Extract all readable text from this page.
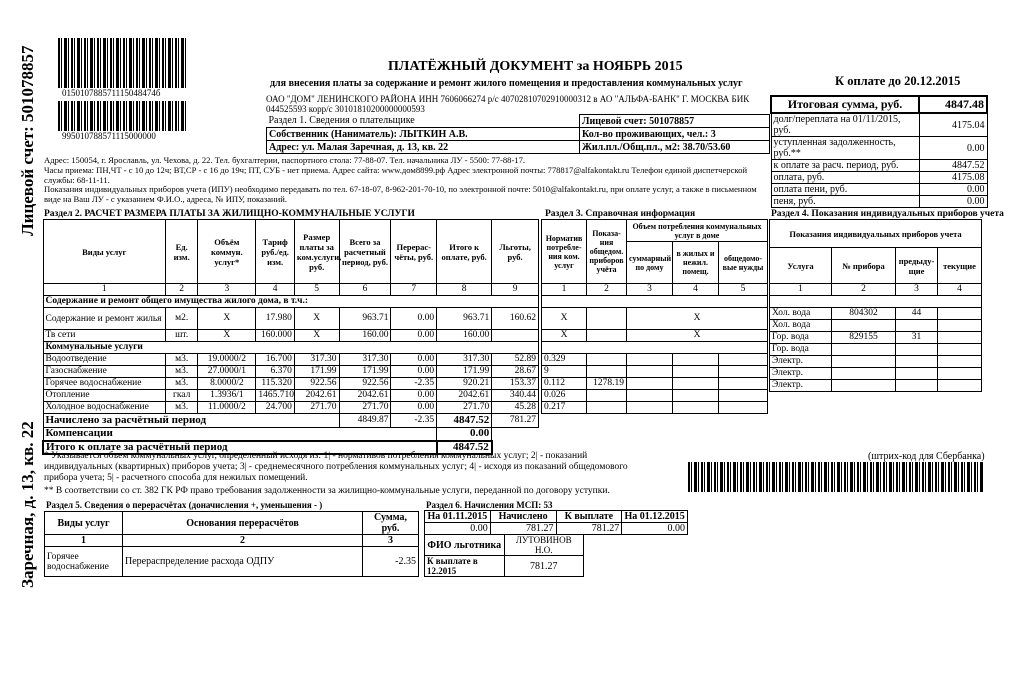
Лицевой счет: 501078857
Заречная, д. 13, кв. 22
015010788571115048474б
995010788571115000000
ПЛАТЁЖНЫЙ ДОКУМЕНТ за НОЯБРЬ 2015
для внесения платы за содержание и ремонт жилого помещения и предоставления коммунальных услуг	К оплате до 20.12.2015
ОАО "ДОМ" ЛЕНИНСКОГО РАЙОНА ИНН 7606066274 р/с 40702810702910000312 в АО "АЛЬФА-БАНК" Г. МОСКВА БИК
044525593 корр/с 30101810200000000593
Раздел 1. Сведения о плательщике	Лицевой счет: 501078857
Собственник (Наниматель): ЛЫТКИН А.В.	Кол-во проживающих, чел.: 3
Адрес: ул. Малая Заречная, д. 13, кв. 22	Жил.пл./Общ.пл., м2: 38.70/53.60
Итоговая сумма, руб.	4847.48
долг/переплата на 01/11/2015, руб.	4175.04
уступленная задолженность, руб.**	0.00
к оплате за расч. период, руб.	4847.52
оплата, руб.	4175.08
оплата пени, руб.	0.00
пеня, руб.	0.00
Адрес: 150054, г. Ярославль, ул. Чехова, д. 22. Тел. бухгалтерии, паспортного стола: 77-88-07. Тел. начальника ЛУ - 5500: 77-88-17.
Часы приема: ПН,ЧТ - с 10 до 12ч; ВТ,СР - с 16 до 19ч; ПТ, СУБ - нет приема. Адрес сайта: www.дом8899.рф Адрес электронной почты: 778817@alfakontakt.ru Телефон единой диспетчерской
службы: 68-11-11.
Показания индивидуальных приборов учета (ИПУ) необходимо передавать по тел. 67-18-07, 8-962-201-70-10, по электронной почте: 5010@alfakontakt.ru, при оплате услуг, а также в письменном
виде на Ваш ЛУ - с указанием Ф.И.О., адреса, № ИПУ, показаний.
Раздел 2. РАСЧЕТ РАЗМЕРА ПЛАТЫ ЗА ЖИЛИЩНО-КОММУНАЛЬНЫЕ УСЛУГИ
Виды услуг	Ед. изм.	Объём коммун. услуг*	Тариф руб./ед. изм.	Размер платы за ком.услуги, руб.	Всего за расчетный период, руб.	Перерас-чёты, руб.	Итого к оплате, руб.	Льготы, руб.
1	2	3	4	5	6	7	8	9
Содержание и ремонт общего имущества жилого дома, в т.ч.:								
Содержание и ремонт жилья	м2.	X	17.980	X	963.71	0.00	963.71	160.62
Тв сети	шт.	X	160.000	X	160.00	0.00	160.00	
Коммунальные услуги								
Водоотведение	м3.	19.0000/2	16.700	317.30	317.30	0.00	317.30	52.89
Газоснабжение	м3.	27.0000/1	6.370	171.99	171.99	0.00	171.99	28.67
Горячее водоснабжение	м3.	8.0000/2	115.320	922.56	922.56	-2.35	920.21	153.37
Отопление	гкал	1.3936/1	1465.710	2042.61	2042.61	0.00	2042.61	340.44
Холодное водоснабжение	м3.	11.0000/2	24.700	271.70	271.70	0.00	271.70	45.28
Начислено за расчётный период					4849.87	-2.35	4847.52	781.27
Компенсации							0.00	
Итого к оплате за расчётный период							4847.52	
Раздел 3. Справочная информация
Норматив потребле-ния ком. услуг	Показа-ния общедом. приборов учёта	Объем потребления коммунальных услуг в доме		
		суммарный по дому	в жилых и нежил. помещ.	общедомо-вые нужды
1	2	3	4	5

X		X		
X		X		

0.329				
9				
0.112	1278.19			
0.026				
0.217				
Раздел 4. Показания индивидуальных приборов учета
Показания индивидуальных приборов учета			
Услуга	№ прибора	предыду-щие	текущие
1	2	3	4

Хол. вода	804302	44	
Хол. вода			
Гор. вода	829155	31	
Гор. вода			
Электр.			
Электр.			
Электр.			
* Указывается объем коммунальных услуг, определенный исходя из: 1| - нормативов потребления коммунальных услуг; 2| - показаний
индивидуальных (квартирных) приборов учета; 3| - среднемесячного потребления коммунальных услуг; 4| - исходя из показаний общедомового
прибора учета; 5| - расчетного способа для нежилых помещений.
** В соответствии со ст. 382 ГК РФ право требования задолженности за жилищно-коммунальные услуги, переданной по договору уступки.
(штрих-код для Сбербанка)
Раздел 5. Сведения о перерасчётах (доначисления +, уменьшения - )
Виды услуг	Основания перерасчётов	Сумма, руб.
1	2	3
Горячее водоснабжение	Перераспределение расхода ОДПУ	-2.35
Раздел 6. Начисления МСП: 53
На 01.11.2015	Начислено	К выплате	На 01.12.2015
0.00	781.27	781.27	0.00
ФИО льготника	ЛУТОВИНОВ Н.О.
К выплате в 12.2015	781.27
